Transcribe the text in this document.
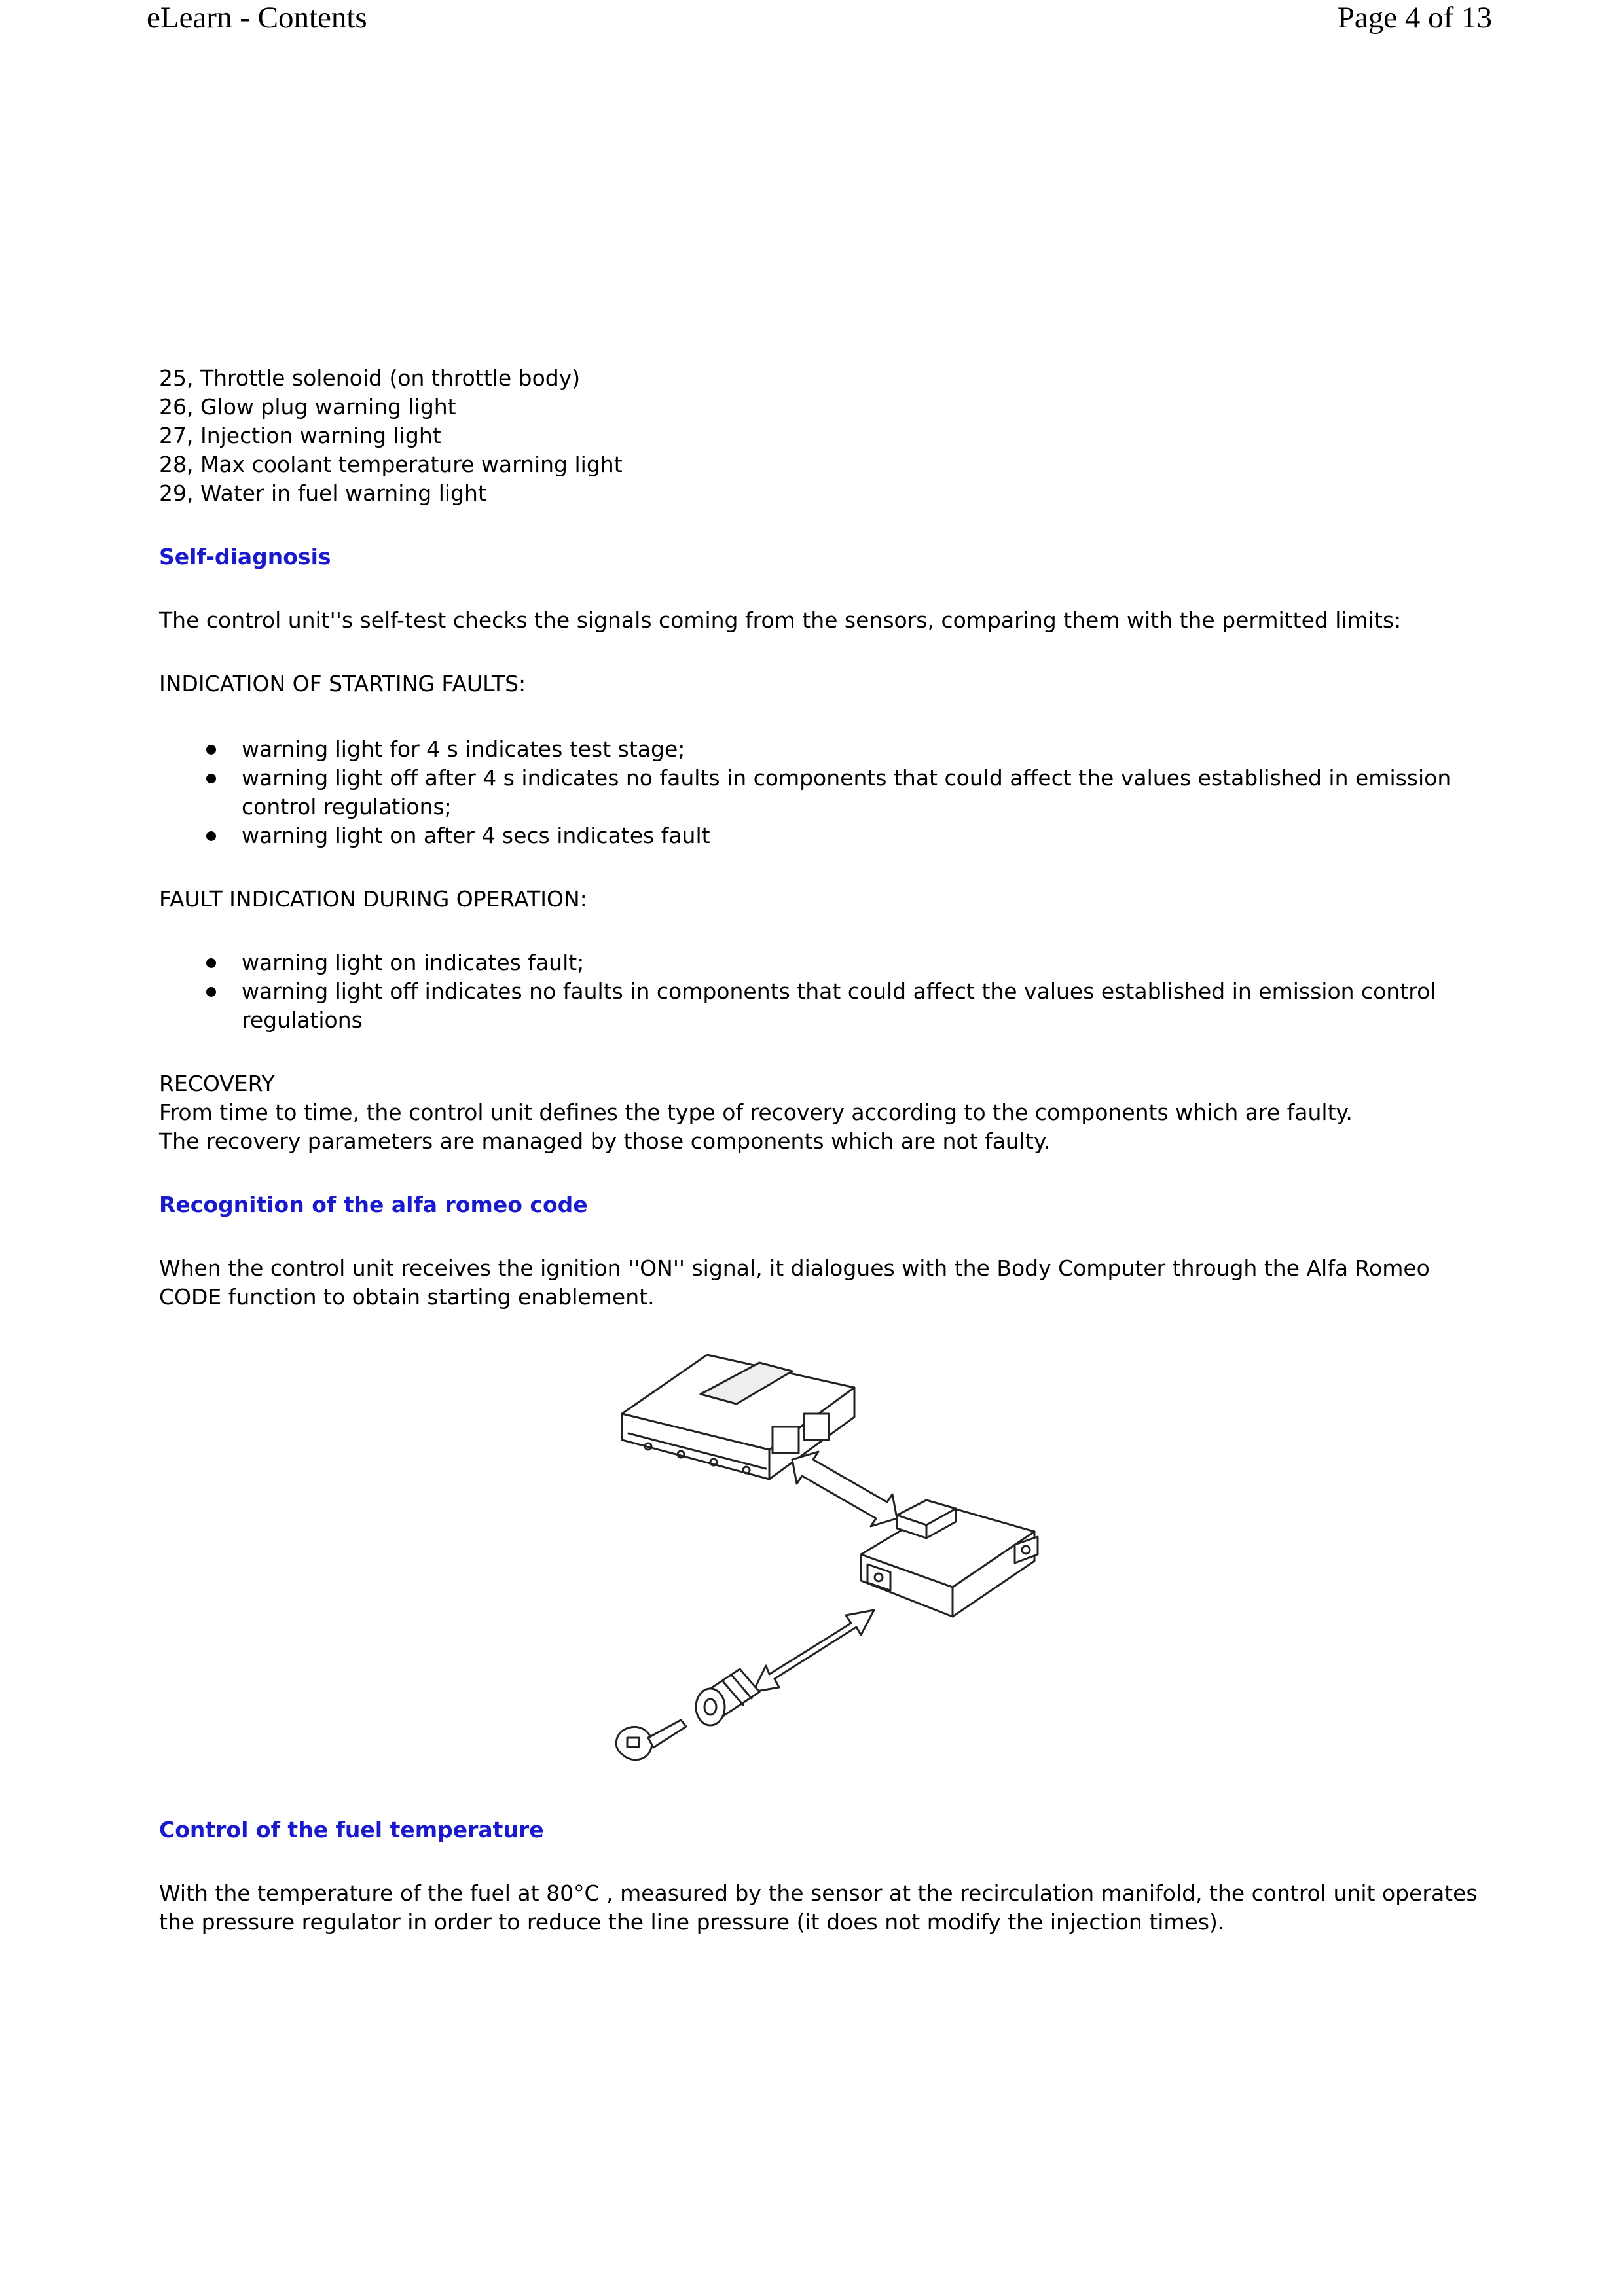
eLearn - Contents	Page 4 of 13
25, Throttle solenoid (on throttle body)
26, Glow plug warning light
27, Injection warning light
28, Max coolant temperature warning light
29, Water in fuel warning light
Self-diagnosis
The control unit''s self-test checks the signals coming from the sensors, comparing them with the permitted limits:
INDICATION OF STARTING FAULTS:
warning light for 4 s indicates test stage;
warning light off after 4 s indicates no faults in components that could affect the values established in emission control regulations;
warning light on after 4 secs indicates fault
FAULT INDICATION DURING OPERATION:
warning light on indicates fault;
warning light off indicates no faults in components that could affect the values established in emission control regulations
RECOVERY
From time to time, the control unit defines the type of recovery according to the components which are faulty.
The recovery parameters are managed by those components which are not faulty.
Recognition of the alfa romeo code
When the control unit receives the ignition ''ON'' signal, it dialogues with the Body Computer through the Alfa Romeo CODE function to obtain starting enablement.
Control of the fuel temperature
With the temperature of the fuel at 80°C , measured by the sensor at the recirculation manifold, the control unit operates the pressure regulator in order to reduce the line pressure (it does not modify the injection times).
